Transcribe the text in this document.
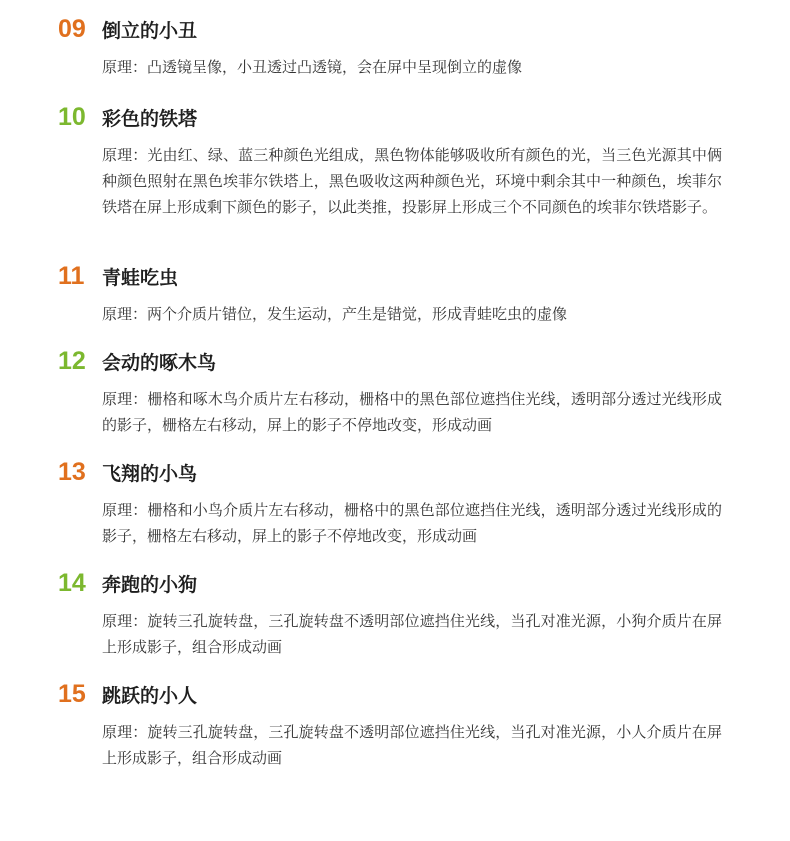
09 倒立的小丑
原理：凸透镜呈像，小丑透过凸透镜，会在屏中呈现倒立的虚像
10 彩色的铁塔
原理：光由红、绿、蓝三种颜色光组成，黑色物体能够吸收所有颜色的光，当三色光源其中俩种颜色照射在黑色埃菲尔铁塔上，黑色吸收这两种颜色光，环境中剩余其中一种颜色，埃菲尔铁塔在屏上形成剩下颜色的影子，以此类推，投影屏上形成三个不同颜色的埃菲尔铁塔影子。
11 青蛙吃虫
原理：两个介质片错位，发生运动，产生是错觉，形成青蛙吃虫的虚像
12 会动的啄木鸟
原理：栅格和啄木鸟介质片左右移动，栅格中的黑色部位遮挡住光线，透明部分透过光线形成的影子，栅格左右移动，屏上的影子不停地改变，形成动画
13 飞翔的小鸟
原理：栅格和小鸟介质片左右移动，栅格中的黑色部位遮挡住光线，透明部分透过光线形成的影子，栅格左右移动，屏上的影子不停地改变，形成动画
14 奔跑的小狗
原理：旋转三孔旋转盘，三孔旋转盘不透明部位遮挡住光线，当孔对准光源，小狗介质片在屏上形成影子，组合形成动画
15 跳跃的小人
原理：旋转三孔旋转盘，三孔旋转盘不透明部位遮挡住光线，当孔对准光源，小人介质片在屏上形成影子，组合形成动画
